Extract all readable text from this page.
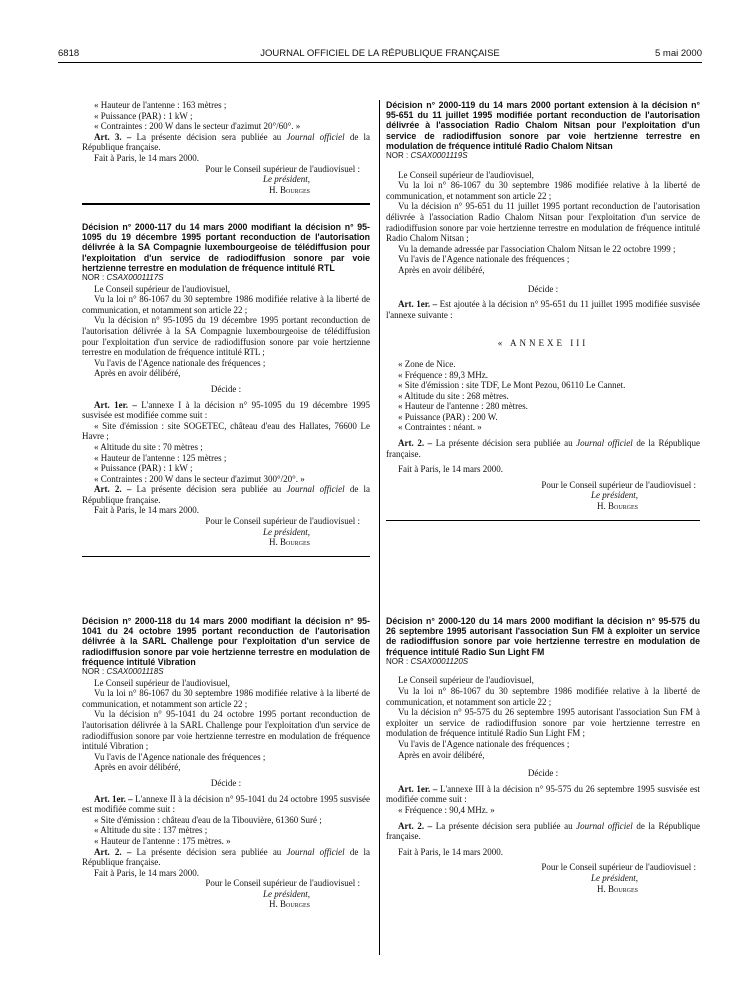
6818	JOURNAL OFFICIEL DE LA RÉPUBLIQUE FRANÇAISE	5 mai 2000

« Hauteur de l'antenne : 163 mètres ;

« Puissance (PAR) : 1 kW ;

« Contraintes : 200 W dans le secteur d'azimut 20°/60°. »

Art. 3. – La présente décision sera publiée au Journal officiel de la République française.

Fait à Paris, le 14 mars 2000.

Pour le Conseil supérieur de l'audiovisuel :

Le président,

H. Bourges

Décision n° 2000-117 du 14 mars 2000 modifiant la décision n° 95-1095 du 19 décembre 1995 portant reconduction de l'autorisation délivrée à la SA Compagnie luxembourgeoise de télédiffusion pour l'exploitation d'un service de radiodiffusion sonore par voie hertzienne terrestre en modulation de fréquence intitulé RTL

NOR : CSAX0001117S

Le Conseil supérieur de l'audiovisuel,

Vu la loi n° 86-1067 du 30 septembre 1986 modifiée relative à la liberté de communication, et notamment son article 22 ;

Vu la décision n° 95-1095 du 19 décembre 1995 portant reconduction de l'autorisation délivrée à la SA Compagnie luxembourgeoise de télédiffusion pour l'exploitation d'un service de radiodiffusion sonore par voie hertzienne terrestre en modulation de fréquence intitulé RTL ;

Vu l'avis de l'Agence nationale des fréquences ;

Après en avoir délibéré,

Décide :

Art. 1er. – L'annexe I à la décision n° 95-1095 du 19 décembre 1995 susvisée est modifiée comme suit :

« Site d'émission : site SOGETEC, château d'eau des Hallates, 76600 Le Havre ;

« Altitude du site : 70 mètres ;

« Hauteur de l'antenne : 125 mètres ;

« Puissance (PAR) : 1 kW ;

« Contraintes : 200 W dans le secteur d'azimut 300°/20°. »

Art. 2. – La présente décision sera publiée au Journal officiel de la République française.

Fait à Paris, le 14 mars 2000.

Pour le Conseil supérieur de l'audiovisuel :

Le président,

H. Bourges

Décision n° 2000-118 du 14 mars 2000 modifiant la décision n° 95-1041 du 24 octobre 1995 portant reconduction de l'autorisation délivrée à la SARL Challenge pour l'exploitation d'un service de radiodiffusion sonore par voie hertzienne terrestre en modulation de fréquence intitulé Vibration

NOR : CSAX0001118S

Le Conseil supérieur de l'audiovisuel,

Vu la loi n° 86-1067 du 30 septembre 1986 modifiée relative à la liberté de communication, et notamment son article 22 ;

Vu la décision n° 95-1041 du 24 octobre 1995 portant reconduction de l'autorisation délivrée à la SARL Challenge pour l'exploitation d'un service de radiodiffusion sonore par voie hertzienne terrestre en modulation de fréquence intitulé Vibration ;

Vu l'avis de l'Agence nationale des fréquences ;

Après en avoir délibéré,

Décide :

Art. 1er. – L'annexe II à la décision n° 95-1041 du 24 octobre 1995 susvisée est modifiée comme suit :

« Site d'émission : château d'eau de la Tibouvière, 61360 Suré ;

« Altitude du site : 137 mètres ;

« Hauteur de l'antenne : 175 mètres. »

Art. 2. – La présente décision sera publiée au Journal officiel de la République française.

Fait à Paris, le 14 mars 2000.

Pour le Conseil supérieur de l'audiovisuel :

Le président,

H. Bourges

Décision n° 2000-119 du 14 mars 2000 portant extension à la décision n° 95-651 du 11 juillet 1995 modifiée portant reconduction de l'autorisation délivrée à l'association Radio Chalom Nitsan pour l'exploitation d'un service de radiodiffusion sonore par voie hertzienne terrestre en modulation de fréquence intitulé Radio Chalom Nitsan

NOR : CSAX0001119S

Le Conseil supérieur de l'audiovisuel,

Vu la loi n° 86-1067 du 30 septembre 1986 modifiée relative à la liberté de communication, et notamment son article 22 ;

Vu la décision n° 95-651 du 11 juillet 1995 portant reconduction de l'autorisation délivrée à l'association Radio Chalom Nitsan pour l'exploitation d'un service de radiodiffusion sonore par voie hertzienne terrestre en modulation de fréquence intitulé Radio Chalom Nitsan ;

Vu la demande adressée par l'association Chalom Nitsan le 22 octobre 1999 ;

Vu l'avis de l'Agence nationale des fréquences ;

Après en avoir délibéré,

Décide :

Art. 1er. – Est ajoutée à la décision n° 95-651 du 11 juillet 1995 modifiée susvisée l'annexe suivante :

« ANNEXE III

« Zone de Nice.

« Fréquence : 89,3 MHz.

« Site d'émission : site TDF, Le Mont Pezou, 06110 Le Cannet.

« Altitude du site : 268 mètres.

« Hauteur de l'antenne : 280 mètres.

« Puissance (PAR) : 200 W.

« Contraintes : néant. »

Art. 2. – La présente décision sera publiée au Journal officiel de la République française.

Fait à Paris, le 14 mars 2000.

Pour le Conseil supérieur de l'audiovisuel :

Le président,

H. Bourges

Décision n° 2000-120 du 14 mars 2000 modifiant la décision n° 95-575 du 26 septembre 1995 autorisant l'association Sun FM à exploiter un service de radiodiffusion sonore par voie hertzienne terrestre en modulation de fréquence intitulé Radio Sun Light FM

NOR : CSAX0001120S

Le Conseil supérieur de l'audiovisuel,

Vu la loi n° 86-1067 du 30 septembre 1986 modifiée relative à la liberté de communication, et notamment son article 22 ;

Vu la décision n° 95-575 du 26 septembre 1995 autorisant l'association Sun FM à exploiter un service de radiodiffusion sonore par voie hertzienne terrestre en modulation de fréquence intitulé Radio Sun Light FM ;

Vu l'avis de l'Agence nationale des fréquences ;

Après en avoir délibéré,

Décide :

Art. 1er. – L'annexe III à la décision n° 95-575 du 26 septembre 1995 susvisée est modifiée comme suit :

« Fréquence : 90,4 MHz. »

Art. 2. – La présente décision sera publiée au Journal officiel de la République française.

Fait à Paris, le 14 mars 2000.

Pour le Conseil supérieur de l'audiovisuel :

Le président,

H. Bourges
